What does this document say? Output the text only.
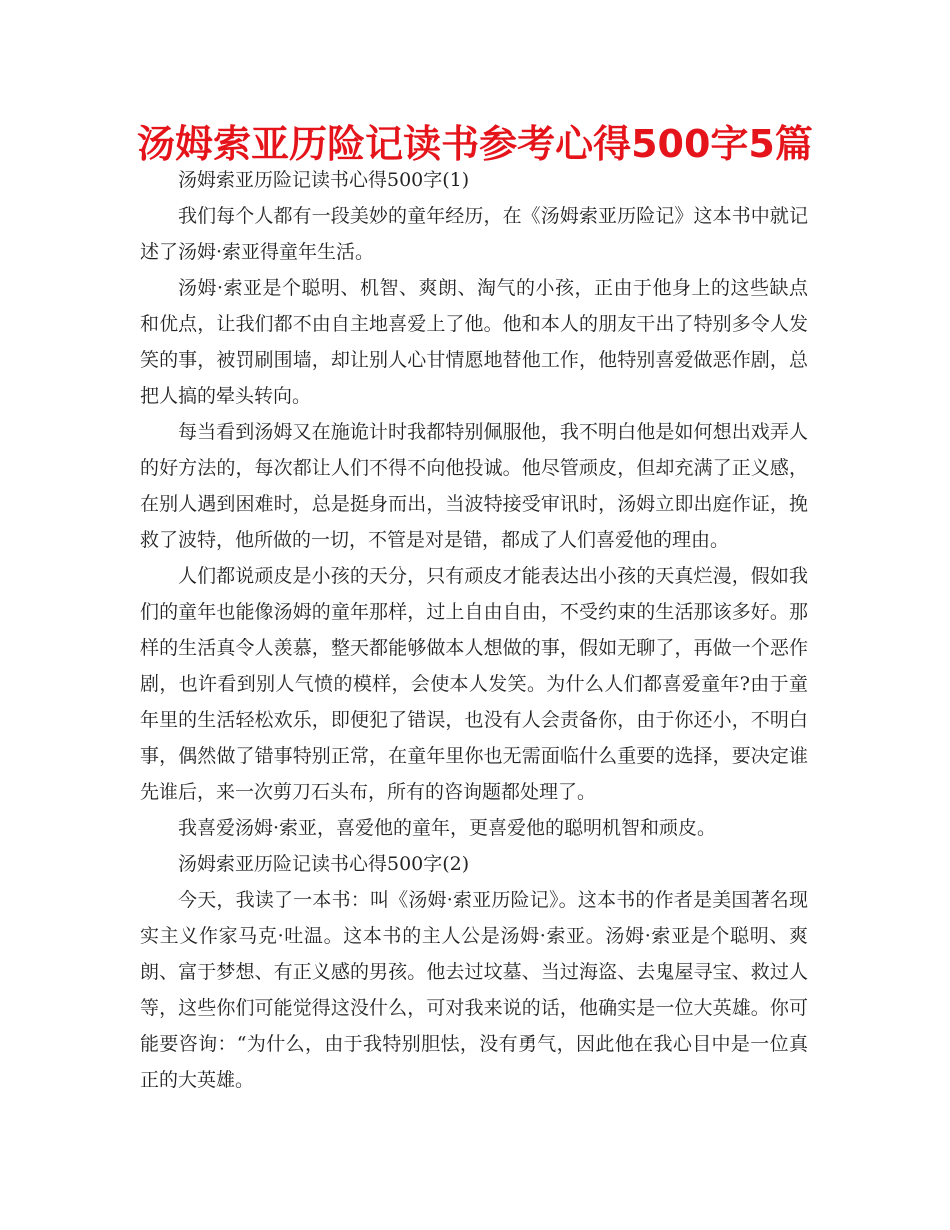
汤姆索亚历险记读书参考心得500字5篇

汤姆索亚历险记读书心得500字(1)

我们每个人都有一段美妙的童年经历，在《汤姆索亚历险记》这本书中就记述了汤姆·索亚得童年生活。

汤姆·索亚是个聪明、机智、爽朗、淘气的小孩，正由于他身上的这些缺点和优点，让我们都不由自主地喜爱上了他。他和本人的朋友干出了特别多令人发笑的事，被罚刷围墙，却让别人心甘情愿地替他工作，他特别喜爱做恶作剧，总把人搞的晕头转向。

每当看到汤姆又在施诡计时我都特别佩服他，我不明白他是如何想出戏弄人的好方法的，每次都让人们不得不向他投诚。他尽管顽皮，但却充满了正义感，在别人遇到困难时，总是挺身而出，当波特接受审讯时，汤姆立即出庭作证，挽救了波特，他所做的一切，不管是对是错，都成了人们喜爱他的理由。

人们都说顽皮是小孩的天分，只有顽皮才能表达出小孩的天真烂漫，假如我们的童年也能像汤姆的童年那样，过上自由自由，不受约束的生活那该多好。那样的生活真令人羡慕，整天都能够做本人想做的事，假如无聊了，再做一个恶作剧，也许看到别人气愤的模样，会使本人发笑。为什么人们都喜爱童年?由于童年里的生活轻松欢乐，即便犯了错误，也没有人会责备你，由于你还小，不明白事，偶然做了错事特别正常，在童年里你也无需面临什么重要的选择，要决定谁先谁后，来一次剪刀石头布，所有的咨询题都处理了。

我喜爱汤姆·索亚，喜爱他的童年，更喜爱他的聪明机智和顽皮。

汤姆索亚历险记读书心得500字(2)

今天，我读了一本书：叫《汤姆·索亚历险记》。这本书的作者是美国著名现实主义作家马克·吐温。这本书的主人公是汤姆·索亚。汤姆·索亚是个聪明、爽朗、富于梦想、有正义感的男孩。他去过坟墓、当过海盗、去鬼屋寻宝、救过人等，这些你们可能觉得这没什么，可对我来说的话，他确实是一位大英雄。你可能要咨询：“为什么，由于我特别胆怯，没有勇气，因此他在我心目中是一位真正的大英雄。
